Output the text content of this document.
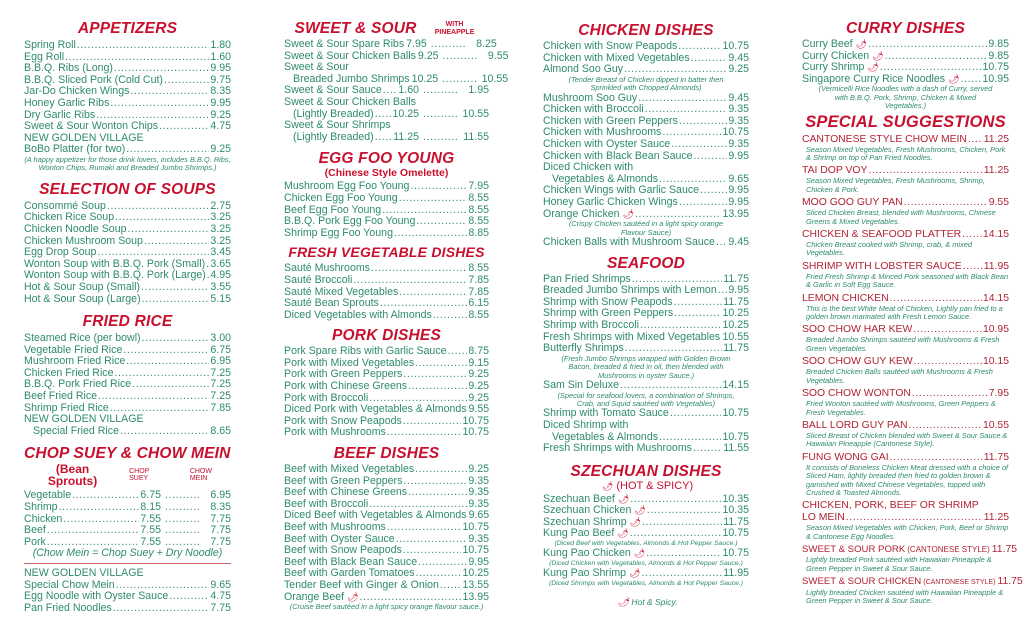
APPETIZERS
Spring Roll .....	1.80
Egg Roll .....	1.60
B.B.Q. Ribs (Long) .....	9.95
B.B.Q. Sliced Pork (Cold Cut) .....	9.75
Jar-Do Chicken Wings .....	8.35
Honey Garlic Ribs .....	9.95
Dry Garlic Ribs .....	9.25
Sweet & Sour Wonton Chips .....	4.75
NEW GOLDEN VILLAGE
BoBo Platter (for two) .....	9.25
(A happy appetizer for those drink lovers, includes B.B.Q. Ribs, Wonton Chips, Rumaki and Breaded Jumbo Shrimps.)
SELECTION OF SOUPS
Consommé Soup .....	2.75
Chicken Rice Soup .....	3.25
Chicken Noodle Soup .....	3.25
Chicken Mushroom Soup .....	3.25
Egg Drop Soup .....	3.45
Wonton Soup with B.B.Q. Pork (Small) ..... 3.65
Wonton Soup with B.B.Q. Pork (Large) ..... 4.95
Hot & Sour Soup (Small) .....	3.55
Hot & Sour Soup (Large) .....	5.15
FRIED RICE
Steamed Rice (per bowl) .....	3.00
Vegetable Fried Rice .....	6.75
Mushroom Fried Rice .....	6.95
Chicken Fried Rice .....	7.25
B.B.Q. Pork Fried Rice .....	7.25
Beef Fried Rice .....	7.25
Shrimp Fried Rice .....	7.85
NEW GOLDEN VILLAGE
Special Fried Rice .....	8.65
CHOP SUEY & CHOW MEIN
(Bean Sprouts)
CHOP SUEY
CHOW MEIN
Vegetable .....	6.75 .....	6.95
Shrimp .....	8.15 .....	8.35
Chicken .....	7.55 .....	7.75
Beef .....	7.55 .....	7.75
Pork .....	7.55 .....	7.75
(Chow Mein = Chop Suey + Dry Noodle)
NEW GOLDEN VILLAGE
Special Chow Mein .....	9.65
Egg Noodle with Oyster Sauce .....	4.75
Pan Fried Noodles .....	7.75
SWEET & SOUR	WITH PINEAPPLE
Sweet & Sour Spare Ribs 7.95 .....	8.25
Sweet & Sour Chicken Balls 9.25 .....	9.55
Sweet & Sour
Breaded Jumbo Shrimps 10.25 .....	10.55
Sweet & Sour Sauce ..... 1.60 .....	1.95
Sweet & Sour Chicken Balls
(Lightly Breaded) ..... 10.25 .....	10.55
Sweet & Sour Shrimps
(Lightly Breaded) ..... 11.25 .....	11.55
EGG FOO YOUNG
(Chinese Style Omelette)
Mushroom Egg Foo Young .....	7.95
Chicken Egg Foo Young .....	8.55
Beef Egg Foo Young .....	8.55
B.B.Q. Pork Egg Foo Young .....	8.55
Shrimp Egg Foo Young .....	8.85
FRESH VEGETABLE DISHES
Sauté Mushrooms .....	8.55
Sauté Broccoli .....	7.85
Sauté Mixed Vegetables .....	7.85
Sauté Bean Sprouts .....	6.15
Diced Vegetables with Almonds .....	8.55
PORK DISHES
Pork Spare Ribs with Garlic Sauce ..... 8.75
Pork with Mixed Vegetables .....	9.15
Pork with Green Peppers .....	9.25
Pork with Chinese Greens .....	9.25
Pork with Broccoli .....	9.25
Diced Pork with Vegetables & Almonds 9.55
Pork with Snow Peapods .....	10.75
Pork with Mushrooms .....	10.75
BEEF DISHES
Beef with Mixed Vegetables .....	9.25
Beef with Green Peppers .....	9.35
Beef with Chinese Greens .....	9.35
Beef with Broccoli .....	9.35
Diced Beef with Vegetables & Almonds 9.65
Beef with Mushrooms .....	10.75
Beef with Oyster Sauce .....	9.35
Beef with Snow Peapods .....	10.75
Beef with Black Bean Sauce .....	9.95
Beef with Garden Tomatoes .....	10.25
Tender Beef with Ginger & Onion ..... 13.55
Orange Beef 🌶 .....	13.95
(Cruise Beef sautéed in a light spicy orange flavour sauce.)
CHICKEN DISHES
Chicken with Snow Peapods .....	10.75
Chicken with Mixed Vegetables .....	9.45
Almond Soo Guy .....	9.25
(Tender Breast of Chicken dipped in batter then Sprinkled with Chopped Almonds)
Mushroom Soo Guy .....	9.45
Chicken with Broccoli .....	9.35
Chicken with Green Peppers .....	9.35
Chicken with Mushrooms .....	10.75
Chicken with Oyster Sauce .....	9.35
Chicken with Black Bean Sauce .....	9.95
Diced Chicken with
Vegetables & Almonds .....	9.65
Chicken Wings with Garlic Sauce .....	9.95
Honey Garlic Chicken Wings .....	9.95
Orange Chicken 🌶 .....	13.95
(Crispy Chicken sautéed in a light spicy orange Flavour Sauce)
Chicken Balls with Mushroom Sauce ..... 9.45
SEAFOOD
Pan Fried Shrimps .....	11.75
Breaded Jumbo Shrimps with Lemon ..... 9.95
Shrimp with Snow Peapods .....	11.75
Shrimp with Green Peppers .....	10.25
Shrimp with Broccoli .....	10.25
Fresh Shrimps with Mixed Vegetables ..... 10.55
Butterfly Shrimps .....	11.75
(Fresh Jumbo Shrimps wrapped with Golden Brown Bacon, breaded & fried in oil, then blended with Mushrooms in oyster Sauce.)
Sam Sin Deluxe .....	14.15
(Special for seafood lovers, a combination of Shrimps, Crab, and Squid sautéed with Vegetables)
Shrimp with Tomato Sauce .....	10.75
Diced Shrimp with
Vegetables & Almonds .....	10.75
Fresh Shrimps with Mushrooms .....	11.55
SZECHUAN DISHES
🌶 (HOT & SPICY)
Szechuan Beef 🌶 .....	10.35
Szechuan Chicken 🌶 .....	10.35
Szechuan Shrimp 🌶 .....	11.75
Kung Pao Beef 🌶 .....	10.75
(Diced Beef with Vegetables, Almonds & Hot Pepper Sauce.)
Kung Pao Chicken 🌶 .....	10.75
(Diced Chicken with Vegetables, Almonds & Hot Pepper Sauce.)
Kung Pao Shrimp 🌶 .....	11.95
(Diced Shrimps with Vegetables, Almonds & Hot Pepper Sauce.)
🌶 Hot & Spicy.
CURRY DISHES
Curry Beef 🌶 .....	9.85
Curry Chicken 🌶 .....	9.85
Curry Shrimp 🌶 .....	10.75
Singapore Curry Rice Noodles 🌶 ..... 10.95
(Vermicelli Rice Noodles with a dash of Curry, served with B.B.Q. Pork, Shrimp, Chicken & Mixed Vegetables.)
SPECIAL SUGGESTIONS
CANTONESE STYLE CHOW MEIN ..... 11.25
Season Mixed Vegetables, Fresh Mushrooms, Chicken, Pork & Shrimp on top of Pan Fried Noodles.
TAI DOP VOY .....	11.25
Season Mixed Vegetables, Fresh Mushrooms, Shrimp, Chicken & Pork.
MOO GOO GUY PAN .....	9.55
Sliced Chicken Breast, blended with Mushrooms, Chinese Greens & Mixed Vegetables.
CHICKEN & SEAFOOD PLATTER ..... 14.15
Chicken Breast cooked with Shrimp, crab, & mixed Vegetables.
SHRIMP WITH LOBSTER SAUCE ..... 11.95
Fried Fresh Shrimp & Minced Pork seasoned with Black Bean & Garlic in Soft Egg Sauce.
LEMON CHICKEN .....	14.15
This is the best White Meat of Chicken, Lightly pan fried to a golden brown marinated with Fresh Lemon Sauce.
SOO CHOW HAR KEW .....	10.95
Breaded Jumbo Shrimps sautéed with Mushrooms & Fresh Green Vegetables.
SOO CHOW GUY KEW .....	10.15
Breaded Chicken Balls sautéed with Mushrooms & Fresh Vegetables.
SOO CHOW WONTON .....	7.95
Fried Wonton sautéed with Mushrooms, Green Peppers & Fresh Vegetables.
BALL LORD GUY PAN .....	10.55
Sliced Breast of Chicken blended with Sweet & Sour Sauce & Hawaiian Pineapple (Cantonese Style).
FUNG WONG GAI .....	11.75
It consists of Boneless Chicken Meat dressed with a choice of Sliced Ham, lightly breaded then fried to golden brown & garnished with Mixed Chinese Vegetables, topped with Crushed & Toasted Almonds.
CHICKEN, PORK, BEEF OR SHRIMP
LO MEIN .....	11.25
Season Mixed Vegetables with Chicken, Pork, Beef or Shrimp & Cantonese Egg Noodles.
SWEET & SOUR PORK (CANTONESE STYLE) 11.75
Lightly breaded Pork sautéed with Hawaiian Pineapple & Green Pepper in Sweet & Sour Sauce.
SWEET & SOUR CHICKEN (CANTONESE STYLE) 11.75
Lightly breaded Chicken sautéed with Hawaiian Pineapple & Green Pepper in Sweet & Sour Sauce.
